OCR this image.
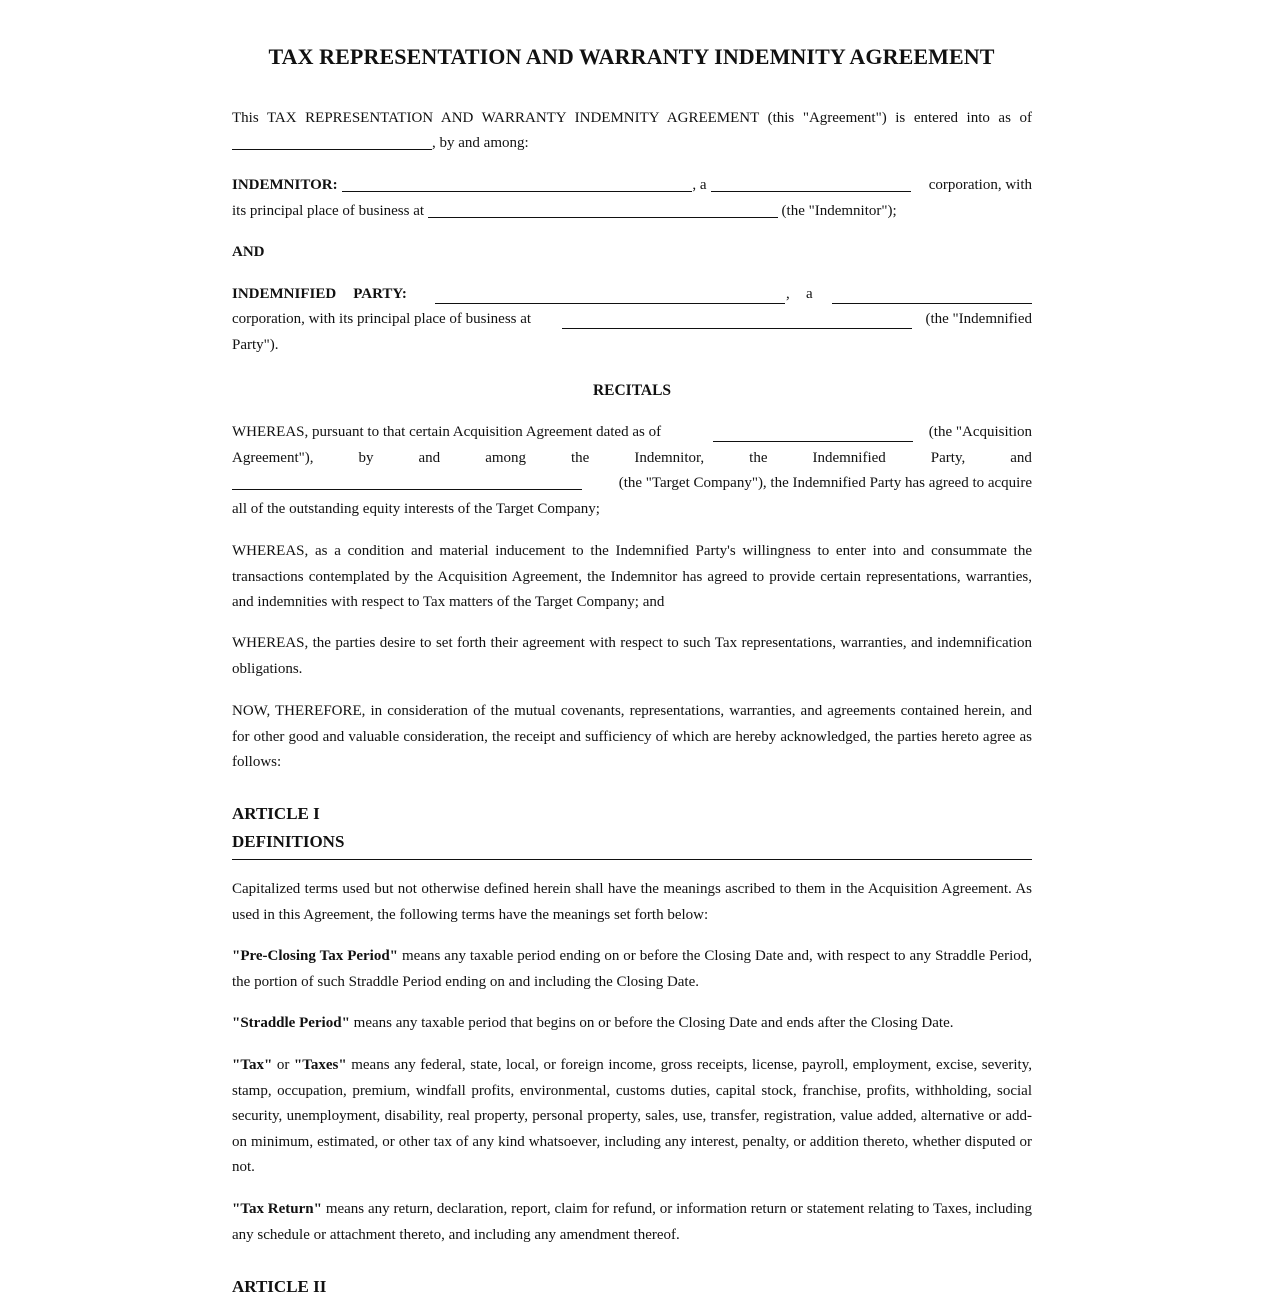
TAX REPRESENTATION AND WARRANTY INDEMNITY AGREEMENT
This TAX REPRESENTATION AND WARRANTY INDEMNITY AGREEMENT (this "Agreement") is entered into as of
, by and among:
INDEMNITOR:	, a	corporation, with
its principal place of business at	(the "Indemnitor");
AND
INDEMNIFIED PARTY:	, a
corporation, with its principal place of business at	(the "Indemnified
Party").
RECITALS
WHEREAS, pursuant to that certain Acquisition Agreement dated as of	(the "Acquisition
Agreement"),	by	and	among	the	Indemnitor,	the	Indemnified	Party,	and
(the "Target Company"), the Indemnified Party has agreed to acquire
all of the outstanding equity interests of the Target Company;

WHEREAS, as a condition and material inducement to the Indemnified Party's willingness to enter into and consummate the transactions contemplated by the Acquisition Agreement, the Indemnitor has agreed to provide certain representations, warranties, and indemnities with respect to Tax matters of the Target Company; and

WHEREAS, the parties desire to set forth their agreement with respect to such Tax representations, warranties, and indemnification obligations.

NOW, THEREFORE, in consideration of the mutual covenants, representations, warranties, and agreements contained herein, and for other good and valuable consideration, the receipt and sufficiency of which are hereby acknowledged, the parties hereto agree as follows:

ARTICLE I
DEFINITIONS

Capitalized terms used but not otherwise defined herein shall have the meanings ascribed to them in the Acquisition Agreement. As used in this Agreement, the following terms have the meanings set forth below:

"Pre-Closing Tax Period" means any taxable period ending on or before the Closing Date and, with respect to any Straddle Period, the portion of such Straddle Period ending on and including the Closing Date.

"Straddle Period" means any taxable period that begins on or before the Closing Date and ends after the Closing Date.

"Tax" or "Taxes" means any federal, state, local, or foreign income, gross receipts, license, payroll, employment, excise, severity, stamp, occupation, premium, windfall profits, environmental, customs duties, capital stock, franchise, profits, withholding, social security, unemployment, disability, real property, personal property, sales, use, transfer, registration, value added, alternative or add-on minimum, estimated, or other tax of any kind whatsoever, including any interest, penalty, or addition thereto, whether disputed or not.

"Tax Return" means any return, declaration, report, claim for refund, or information return or statement relating to Taxes, including any schedule or attachment thereto, and including any amendment thereof.

ARTICLE II
